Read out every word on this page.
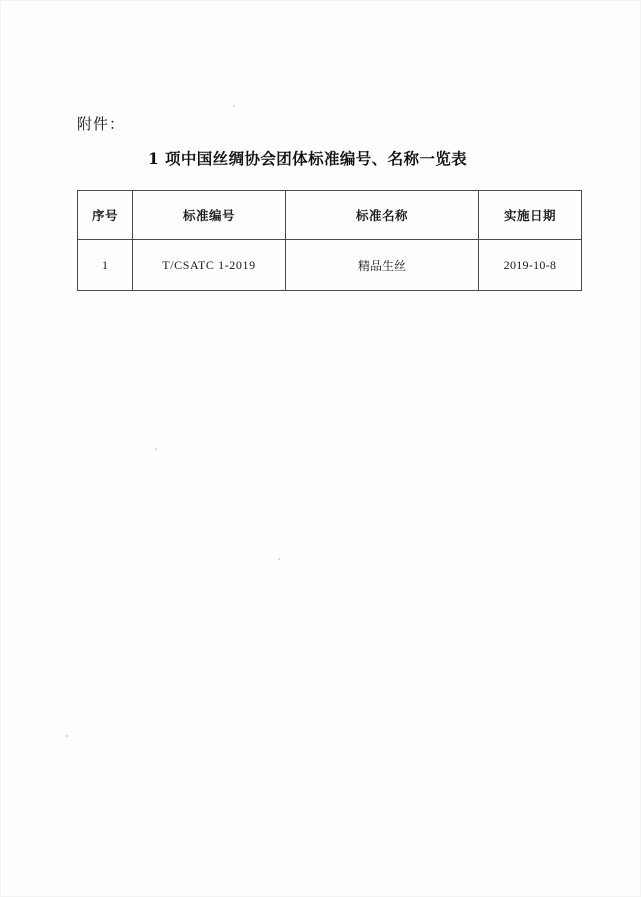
附件：
1 项中国丝绸协会团体标准编号、名称一览表
序号	标准编号	标准名称	实施日期
1	T/CSATC 1-2019	精品生丝	2019-10-8
